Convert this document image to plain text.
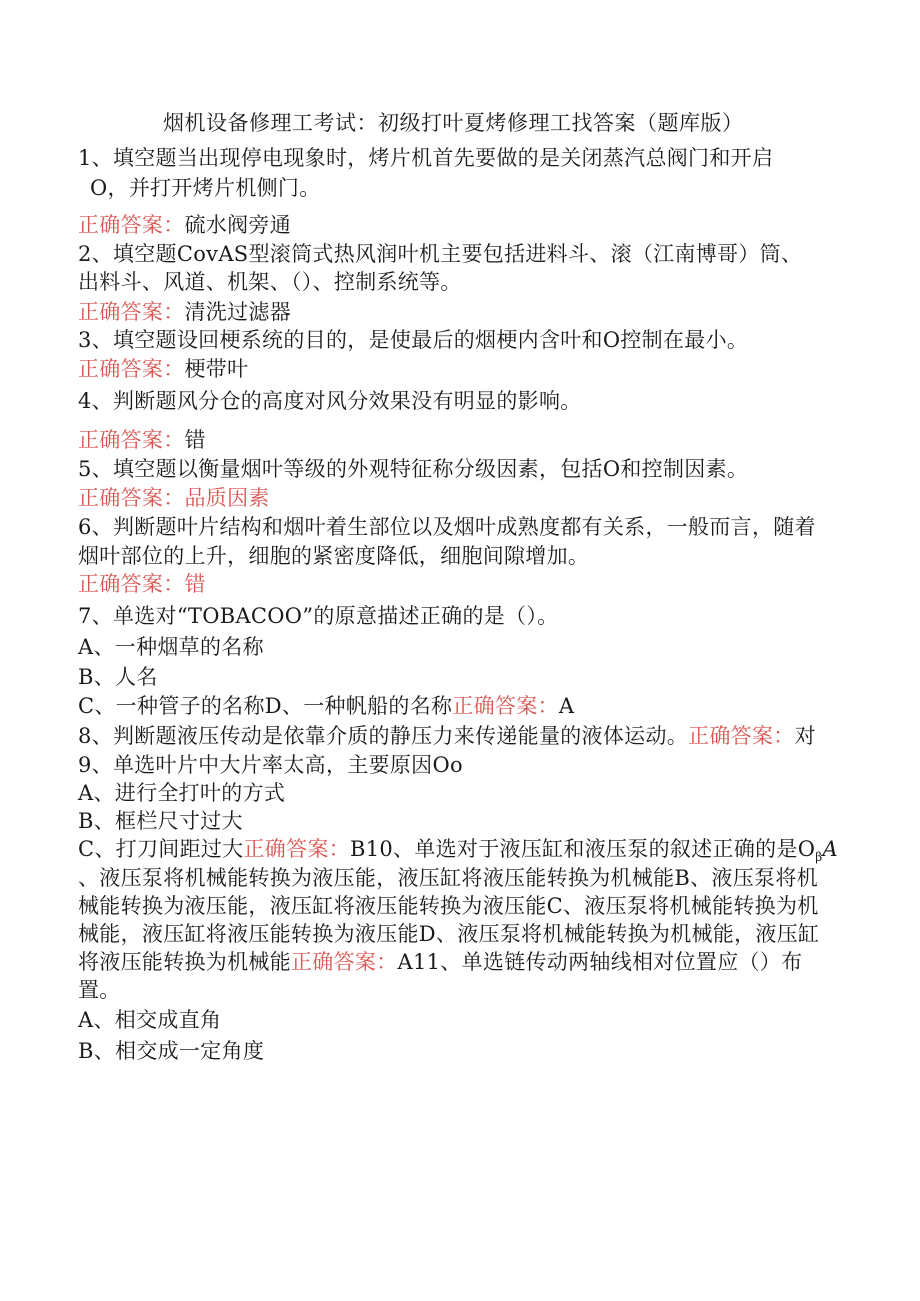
烟机设备修理工考试：初级打叶夏烤修理工找答案（题库版）
1、填空题当出现停电现象时，烤片机首先要做的是关闭蒸汽总阀门和开启
O，并打开烤片机侧门。
正确答案：硫水阀旁通
2、填空题CovAS型滚筒式热风润叶机主要包括进料斗、滚（江南博哥）筒、
出料斗、风道、机架、（）、控制系统等。
正确答案：清洗过滤器
3、填空题设回梗系统的目的，是使最后的烟梗内含叶和O控制在最小。
正确答案：梗带叶
4、判断题风分仓的高度对风分效果没有明显的影响。
正确答案：错
5、填空题以衡量烟叶等级的外观特征称分级因素，包括O和控制因素。
正确答案：品质因素
6、判断题叶片结构和烟叶着生部位以及烟叶成熟度都有关系，一般而言，随着
烟叶部位的上升，细胞的紧密度降低，细胞间隙增加。
正确答案：错
7、单选对“TOBACOO”的原意描述正确的是（）。
A、一种烟草的名称
B、人名
C、一种管子的名称D、一种帆船的名称正确答案：A
8、判断题液压传动是依靠介质的静压力来传递能量的液体运动。正确答案：对
9、单选叶片中大片率太高，主要原因Oo
A、进行全打叶的方式
B、框栏尺寸过大
C、打刀间距过大正确答案：B10、单选对于液压缸和液压泵的叙述正确的是$O_\beta A$
、液压泵将机械能转换为液压能，液压缸将液压能转换为机械能B、液压泵将机
械能转换为液压能，液压缸将液压能转换为液压能C、液压泵将机械能转换为机
械能，液压缸将液压能转换为液压能D、液压泵将机械能转换为机械能，液压缸
将液压能转换为机械能正确答案：A11、单选链传动两轴线相对位置应（）布
置。
A、相交成直角
B、相交成一定角度
